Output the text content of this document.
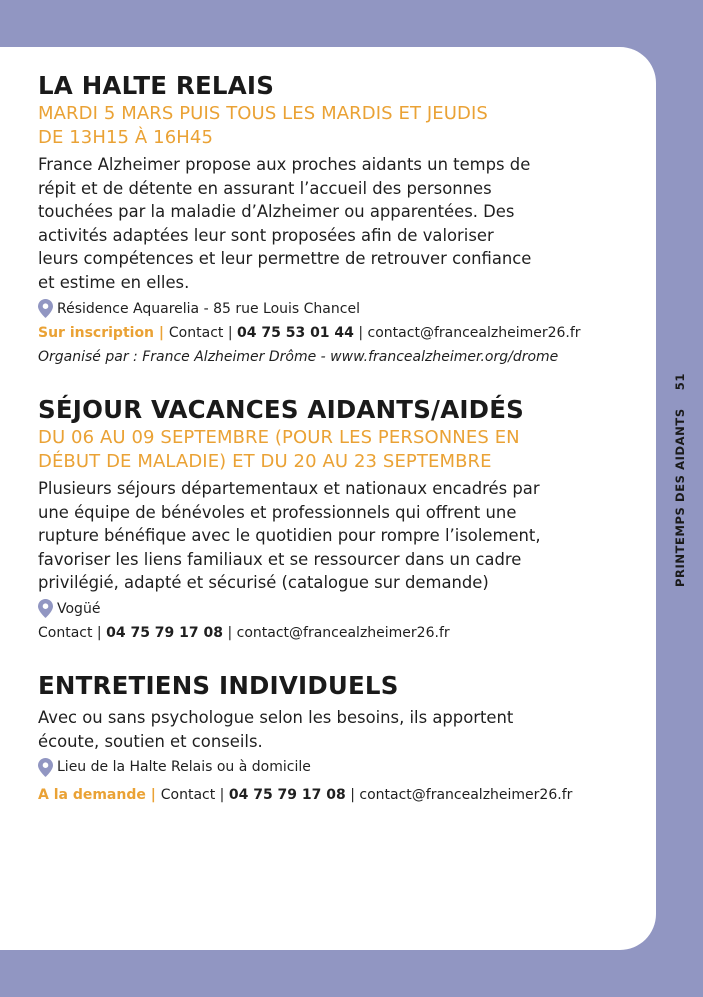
LA HALTE RELAIS
MARDI 5 MARS PUIS TOUS LES MARDIS ET JEUDIS
DE 13H15 À 16H45
France Alzheimer propose aux proches aidants un temps de répit et de détente en assurant l’accueil des personnes touchées par la maladie d’Alzheimer ou apparentées. Des activités adaptées leur sont proposées afin de valoriser leurs compétences et leur permettre de retrouver confiance et estime en elles.
Résidence Aquarelia - 85 rue Louis Chancel
Sur inscription | Contact | 04 75 53 01 44 | contact@francealzheimer26.fr
Organisé par : France Alzheimer Drôme - www.francealzheimer.org/drome
SÉJOUR VACANCES AIDANTS/AIDÉS
DU 06 AU 09 SEPTEMBRE (POUR LES PERSONNES EN
DÉBUT DE MALADIE) ET DU 20 AU 23 SEPTEMBRE
Plusieurs séjours départementaux et nationaux encadrés par une équipe de bénévoles et professionnels qui offrent une rupture bénéfique avec le quotidien pour rompre l’isolement, favoriser les liens familiaux et se ressourcer dans un cadre privilégié, adapté et sécurisé (catalogue sur demande)
Vogüé
Contact | 04 75 79 17 08 | contact@francealzheimer26.fr
ENTRETIENS INDIVIDUELS
Avec ou sans psychologue selon les besoins, ils apportent écoute, soutien et conseils.
Lieu de la Halte Relais ou à domicile
A la demande | Contact | 04 75 79 17 08 | contact@francealzheimer26.fr
PRINTEMPS DES AIDANTS
51
